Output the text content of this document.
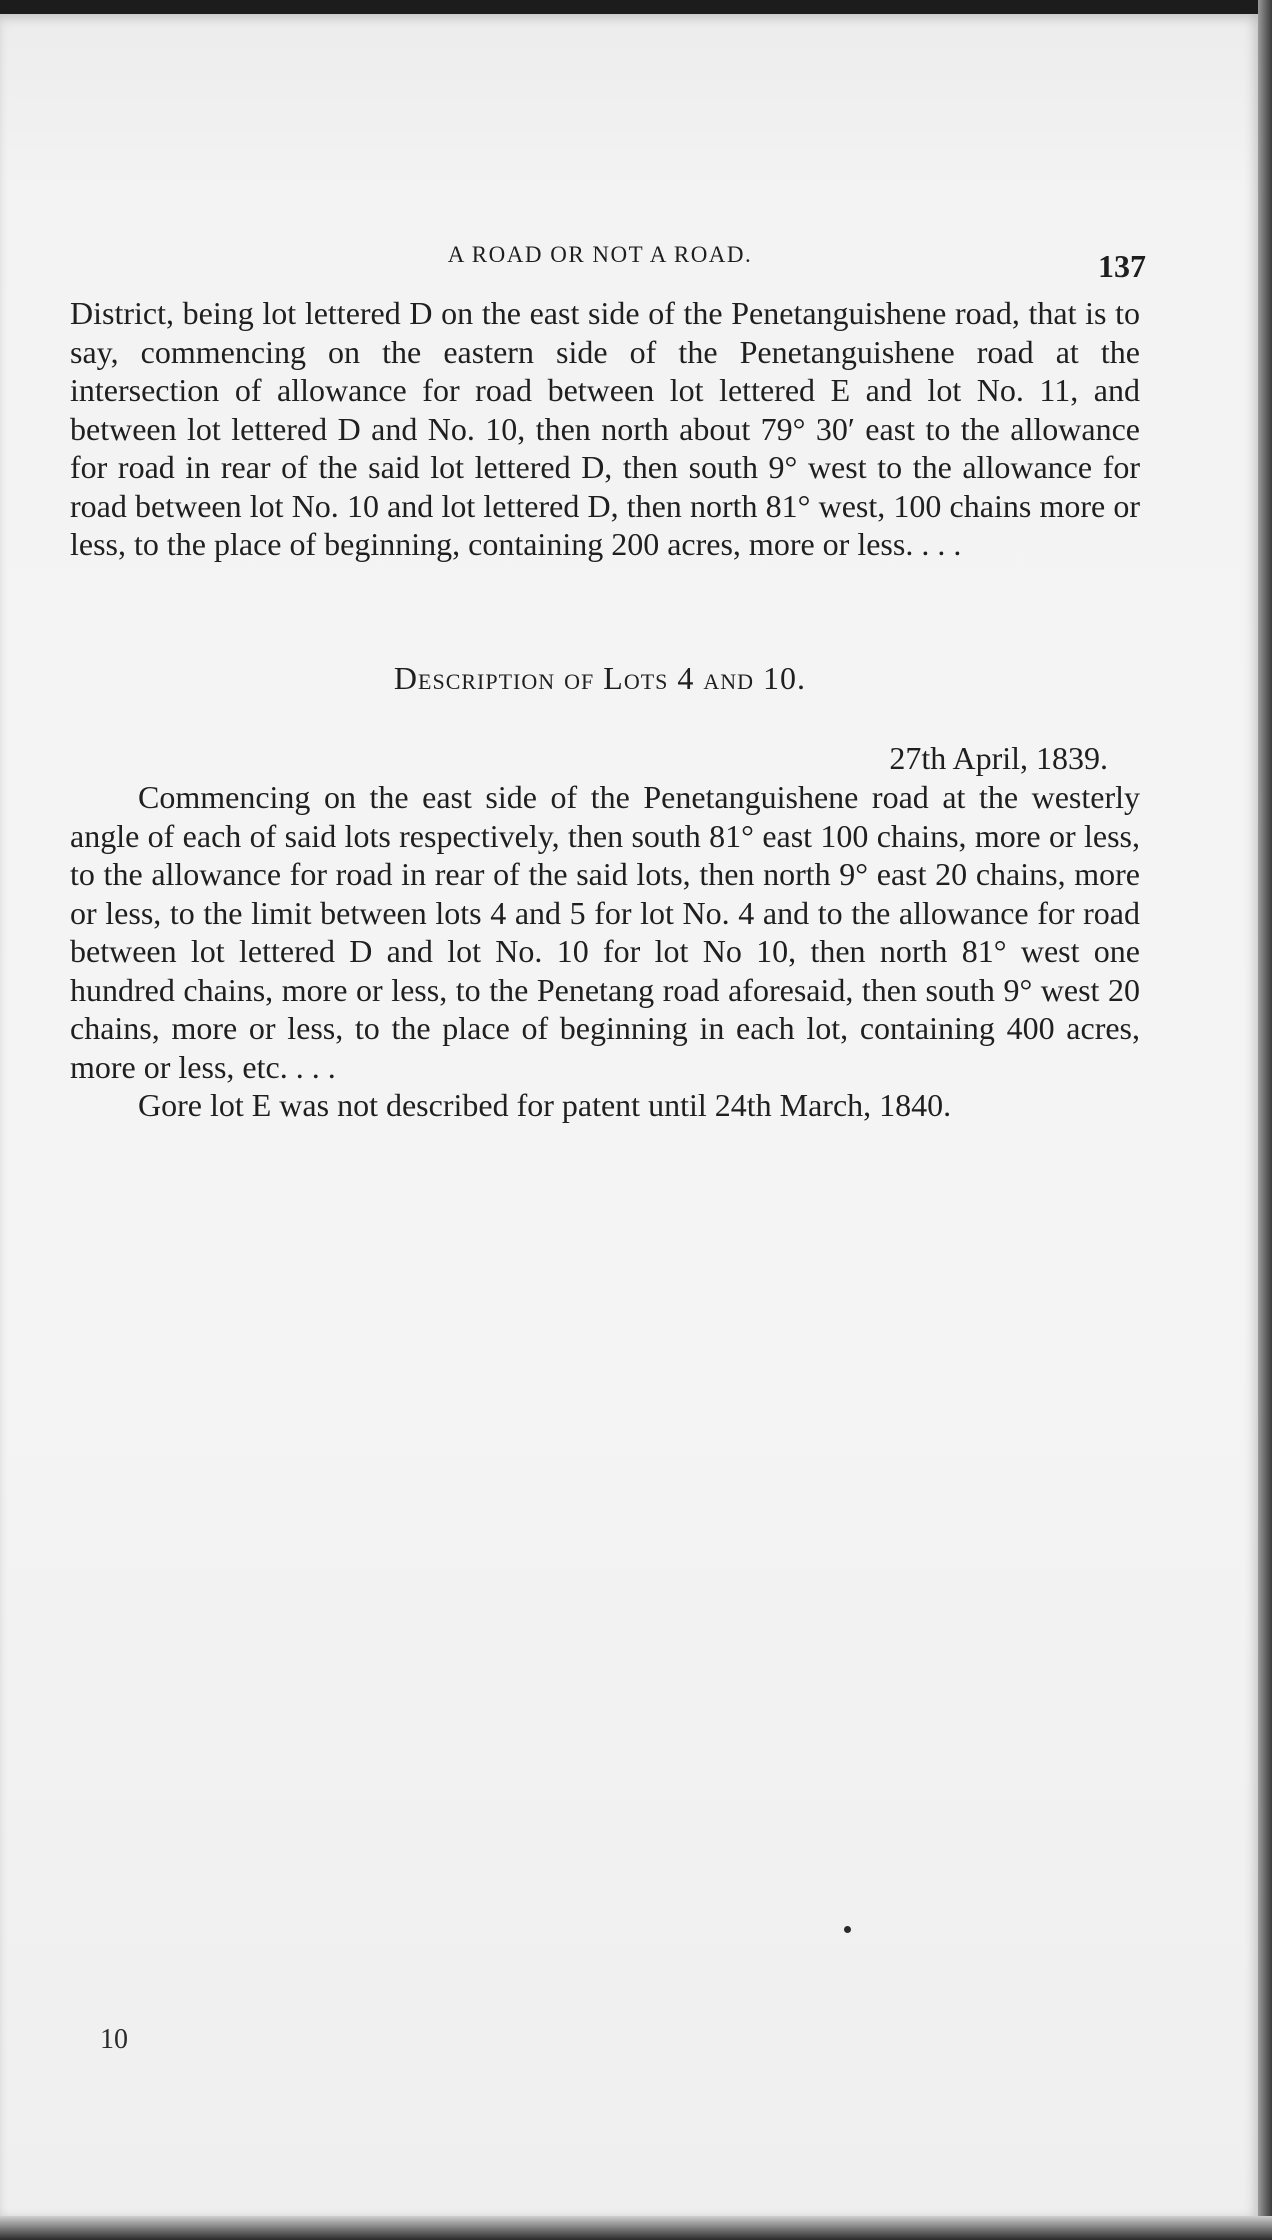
A ROAD OR NOT A ROAD.	137

District, being lot lettered D on the east side of the Penetanguishene road, that is to say, commencing on the eastern side of the Penetanguishene road at the intersection of allowance for road between lot lettered E and lot No. 11, and between lot lettered D and No. 10, then north about 79° 30′ east to the allowance for road in rear of the said lot lettered D, then south 9° west to the allowance for road between lot No. 10 and lot lettered D, then north 81° west, 100 chains more or less, to the place of beginning, containing 200 acres, more or less. . . .

Description of Lots 4 and 10.
27th April, 1839.

Commencing on the east side of the Penetanguishene road at the westerly angle of each of said lots respectively, then south 81° east 100 chains, more or less, to the allowance for road in rear of the said lots, then north 9° east 20 chains, more or less, to the limit between lots 4 and 5 for lot No. 4 and to the allowance for road between lot lettered D and lot No. 10 for lot No 10, then north 81° west one hundred chains, more or less, to the Penetang road aforesaid, then south 9° west 20 chains, more or less, to the place of beginning in each lot, containing 400 acres, more or less, etc. . . .

Gore lot E was not described for patent until 24th March, 1840.

10
